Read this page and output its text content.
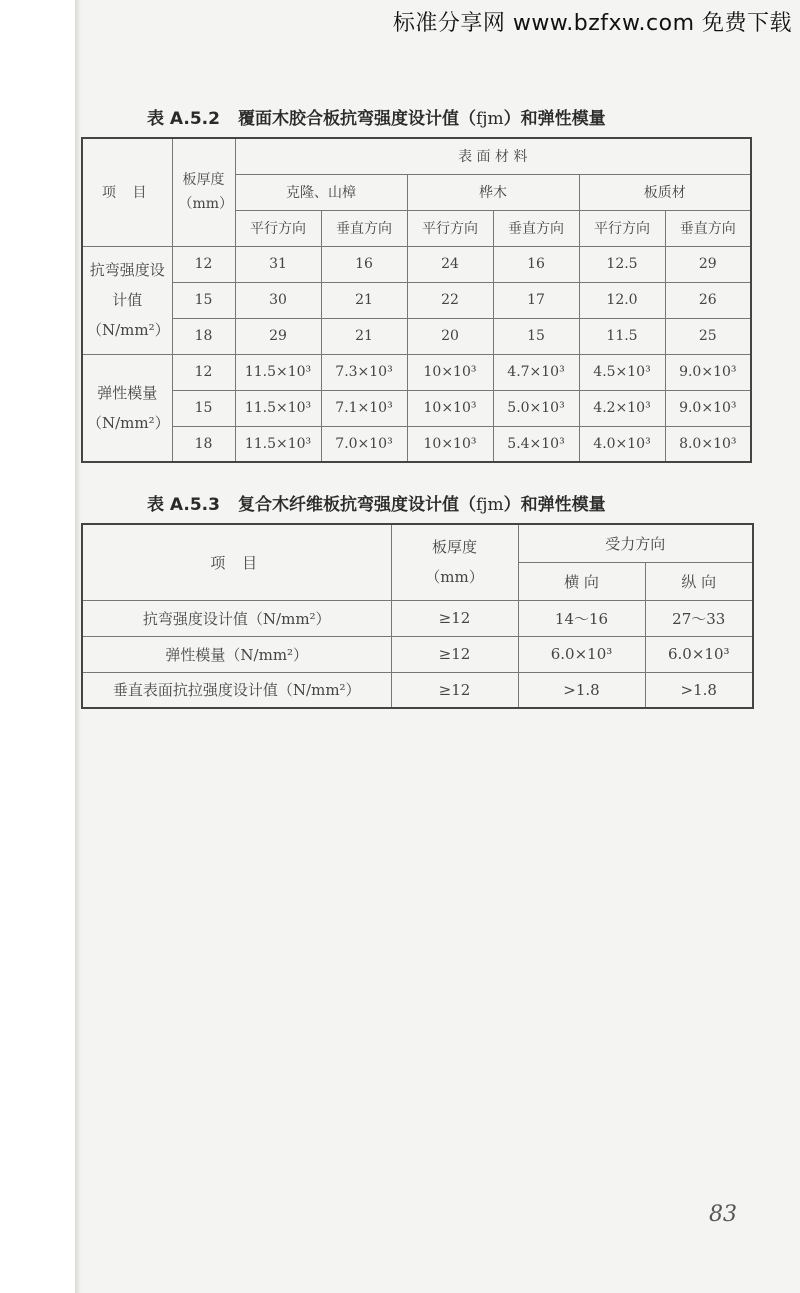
标准分享网 www.bzfxw.com 免费下载
表 A.5.2 覆面木胶合板抗弯强度设计值（fjm）和弹性模量
项 目	板厚度（mm）	表 面 材 料					
		克隆、山樟		桦木		板质材	
		平行方向	垂直方向	平行方向	垂直方向	平行方向	垂直方向
抗弯强度设计值（N/mm²）	12	31	16	24	16	12.5	29
	15	30	21	22	17	12.0	26
	18	29	21	20	15	11.5	25
弹性模量（N/mm²）	12	11.5×10³	7.3×10³	10×10³	4.7×10³	4.5×10³	9.0×10³
	15	11.5×10³	7.1×10³	10×10³	5.0×10³	4.2×10³	9.0×10³
	18	11.5×10³	7.0×10³	10×10³	5.4×10³	4.0×10³	8.0×10³
表 A.5.3 复合木纤维板抗弯强度设计值（fjm）和弹性模量
项 目	板厚度（mm）	受力方向	
		横 向	纵 向
抗弯强度设计值（N/mm²）	≥12	14～16	27～33
弹性模量（N/mm²）	≥12	6.0×10³	6.0×10³
垂直表面抗拉强度设计值（N/mm²）	≥12	>1.8	>1.8
83
